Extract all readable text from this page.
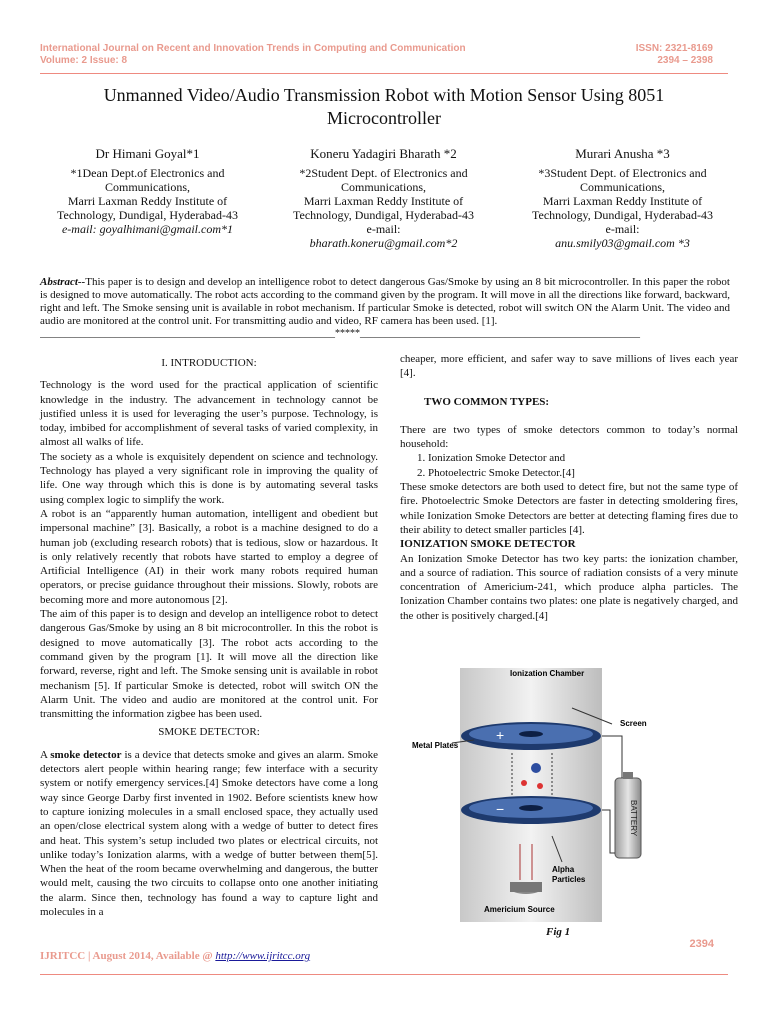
International Journal on Recent and Innovation Trends in Computing and Communication
Volume: 2 Issue: 8
ISSN: 2321-8169
2394 – 2398
Unmanned Video/Audio Transmission Robot with Motion Sensor Using 8051
Microcontroller
Dr Himani Goyal*1
*1Dean Dept.of Electronics and
Communications,
Marri Laxman Reddy Institute of
Technology, Dundigal, Hyderabad-43
e-mail: goyalhimani@gmail.com*1
Koneru Yadagiri Bharath *2
*2Student Dept. of Electronics and
Communications,
Marri Laxman Reddy Institute of
Technology, Dundigal, Hyderabad-43
e-mail:
bharath.koneru@gmail.com*2
Murari Anusha *3
*3Student Dept. of Electronics and
Communications,
Marri Laxman Reddy Institute of
Technology, Dundigal, Hyderabad-43
e-mail:
anu.smily03@gmail.com *3
Abstract--This paper is to design and develop an intelligence robot to detect dangerous Gas/Smoke by using an 8 bit microcontroller. In this paper the robot is designed to move automatically. The robot acts according to the command given by the program. It will move in all the directions like forward, backward, right and left. The Smoke sensing unit is available in robot mechanism. If particular Smoke is detected, robot will switch ON the Alarm Unit. The video and audio are monitored at the control unit. For transmitting audio and video, RF camera has been used. [1].
___________________________________________________________*****________________________________________________________

I. INTRODUCTION:

Technology is the word used for the practical application of scientific knowledge in the industry. The advancement in technology cannot be justified unless it is used for leveraging the user’s purpose. Technology, is today, imbibed for accomplishment of several tasks of varied complexity, in almost all walks of life.

The society as a whole is exquisitely dependent on science and technology. Technology has played a very significant role in improving the quality of life. One way through which this is done is by automating several tasks using complex logic to simplify the work.

A robot is an “apparently human automation, intelligent and obedient but impersonal machine” [3]. Basically, a robot is a machine designed to do a human job (excluding research robots) that is tedious, slow or hazardous. It is only relatively recently that robots have started to employ a degree of Artificial Intelligence (AI) in their work many robots required human operators, or precise guidance throughout their missions. Slowly, robots are becoming more and more autonomous [2].

The aim of this paper is to design and develop an intelligence robot to detect dangerous Gas/Smoke by using an 8 bit microcontroller. In this the robot is designed to move automatically [3]. The robot acts according to the command given by the program [1]. It will move all the direction like forward, reverse, right and left. The Smoke sensing unit is available in robot mechanism [5]. If particular Smoke is detected, robot will switch ON the Alarm Unit. The video and audio are monitored at the control unit. For transmitting the information zigbee has been used.

SMOKE DETECTOR:

A smoke detector is a device that detects smoke and gives an alarm. Smoke detectors alert people within hearing range; few interface with a security system or notify emergency services.[4] Smoke detectors have come a long way since George Darby first invented in 1902. Before scientists knew how to capture ionizing molecules in a small enclosed space, they actually used an open/close electrical system along with a wedge of butter to detect fires and heat. This system’s setup included two plates or electrical circuits, not unlike today’s Ionization alarms, with a wedge of butter between them[5]. When the heat of the room became overwhelming and dangerous, the butter would melt, causing the two circuits to collapse onto one another initiating the alarm. Since then, technology has found a way to capture light and molecules in a

cheaper, more efficient, and safer way to save millions of lives each year [4].

TWO COMMON TYPES:

There are two types of smoke detectors common to today’s normal household:

1. Ionization Smoke Detector and
2. Photoelectric Smoke Detector.[4]

These smoke detectors are both used to detect fire, but not the same type of fire. Photoelectric Smoke Detectors are faster in detecting smoldering fires, while Ionization Smoke Detectors are better at detecting flaming fires due to their ability to detect smaller particles [4].

IONIZATION SMOKE DETECTOR

An Ionization Smoke Detector has two key parts: the ionization chamber, and a source of radiation. This source of radiation consists of a very minute concentration of Americium-241, which produce alpha particles. The Ionization Chamber contains two plates: one plate is negatively charged, and the other is positively charged.[4]

+
−	BATTERY
Ionization Chamber
Screen
Metal Plates
Alpha
Particles
Americium Source
Fig 1
2394
IJRITCC | August 2014, Available @ http://www.ijritcc.org
